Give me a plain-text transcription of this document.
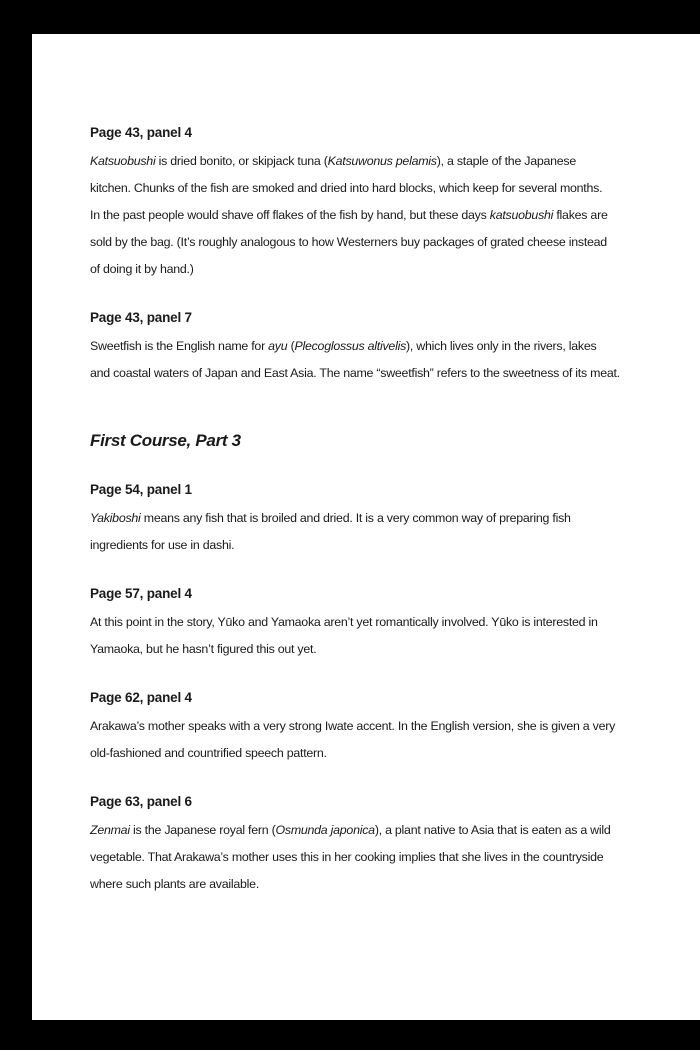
Page 43, panel 4
Katsuobushi is dried bonito, or skipjack tuna (Katsuwonus pelamis), a staple of the Japanese
kitchen. Chunks of the fish are smoked and dried into hard blocks, which keep for several months.
In the past people would shave off flakes of the fish by hand, but these days katsuobushi flakes are
sold by the bag. (It’s roughly analogous to how Westerners buy packages of grated cheese instead
of doing it by hand.)
Page 43, panel 7
Sweetfish is the English name for ayu (Plecoglossus altivelis), which lives only in the rivers, lakes
and coastal waters of Japan and East Asia. The name “sweetfish” refers to the sweetness of its meat.
First Course, Part 3
Page 54, panel 1
Yakiboshi means any fish that is broiled and dried. It is a very common way of preparing fish
ingredients for use in dashi.
Page 57, panel 4
At this point in the story, Yūko and Yamaoka aren’t yet romantically involved. Yūko is interested in
Yamaoka, but he hasn’t figured this out yet.
Page 62, panel 4
Arakawa’s mother speaks with a very strong Iwate accent. In the English version, she is given a very
old-fashioned and countrified speech pattern.
Page 63, panel 6
Zenmai is the Japanese royal fern (Osmunda japonica), a plant native to Asia that is eaten as a wild
vegetable. That Arakawa’s mother uses this in her cooking implies that she lives in the countryside
where such plants are available.
